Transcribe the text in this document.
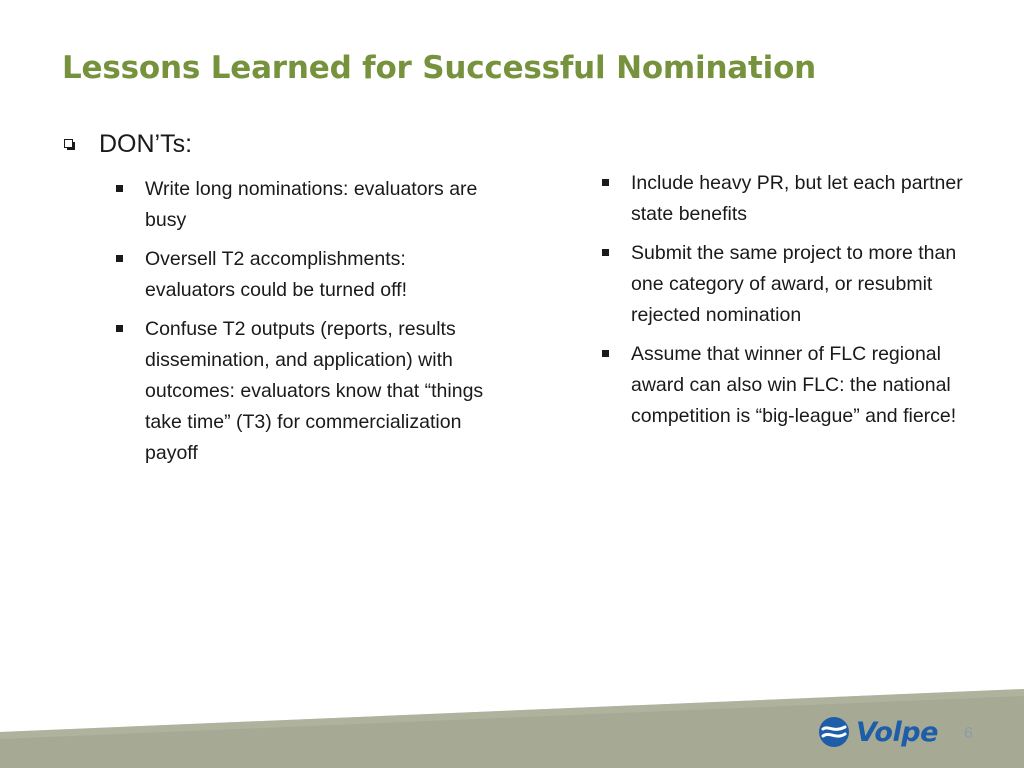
Lessons Learned for Successful Nomination
DON’Ts:
Write long nominations: evaluators are busy
Oversell T2 accomplishments: evaluators could be turned off!
Confuse T2 outputs (reports, results dissemination, and application) with outcomes: evaluators know that “things take time” (T3) for commercialization payoff
Include heavy PR, but let each partner state benefits
Submit the same project to more than one category of award, or resubmit rejected nomination
Assume that winner of FLC regional award can also win FLC: the national competition is “big-league” and fierce!
Volpe 6
